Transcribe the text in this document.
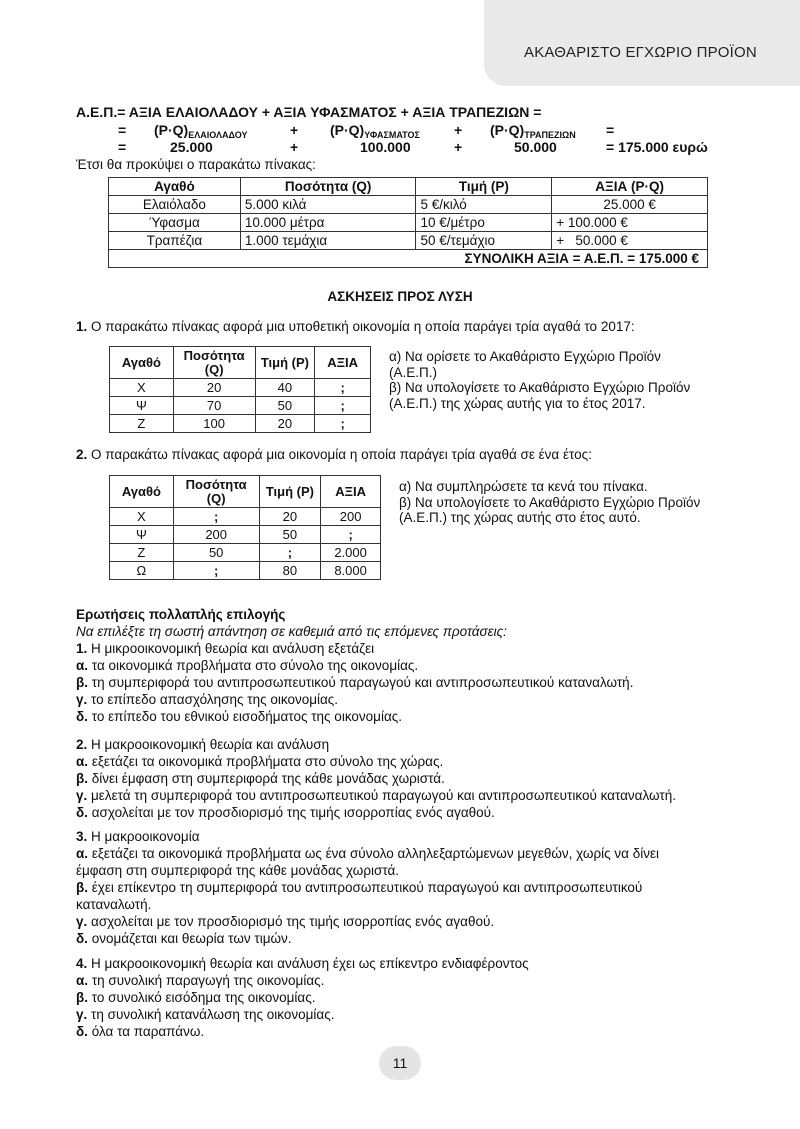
ΑΚΑΘΑΡΙΣΤΟ ΕΓΧΩΡΙΟ ΠΡΟΪΟΝ
Α.Ε.Π.= ΑΞΙΑ ΕΛΑΙΟΛΑΔΟΥ + ΑΞΙΑ ΥΦΑΣΜΑΤΟΣ + ΑΞΙΑ ΤΡΑΠΕΖΙΩΝ =
= $(P\cdot Q)_{E\Lambda AIO\Lambda A\Delta O\Upsilon}$	+ $(P\cdot Q)_{\Upsilon\Phi A\Sigma MATO\Sigma} + (P\cdot Q)_{TPA\Pi EZI\Omega N}$ =
=	25.000	+	100.000	+	50.000	= 175.000 ευρώ
Έτσι θα προκύψει ο παρακάτω πίνακας:
Αγαθό	Ποσότητα (Q)	Τιμή (P)	ΑΞΙΑ (P·Q)
Ελαιόλαδο	5.000 κιλά	5 €/κιλό	25.000 €
Ύφασμα	10.000 μέτρα	10 €/μέτρο	+ 100.000 €
Τραπέζια	1.000 τεμάχια	50 €/τεμάχιο	+   50.000 €
ΣΥΝΟΛΙΚΗ ΑΞΙΑ = Α.Ε.Π. = 175.000 €			
ΑΣΚΗΣΕΙΣ ΠΡΟΣ ΛΥΣΗ
1. Ο παρακάτω πίνακας αφορά μια υποθετική οικονομία η οποία παράγει τρία αγαθά το 2017:
Αγαθό	Ποσότητα (Q)	Τιμή (P)	ΑΞΙΑ
Χ	20	40	;
Ψ	70	50	;
Ζ	100	20	;
α) Να ορίσετε το Ακαθάριστο Εγχώριο Προϊόν
(Α.Ε.Π.)
β) Να υπολογίσετε το Ακαθάριστο Εγχώριο Προϊόν
(Α.Ε.Π.) της χώρας αυτής για το έτος 2017.
2. Ο παρακάτω πίνακας αφορά μια οικονομία η οποία παράγει τρία αγαθά σε ένα έτος:
Αγαθό	Ποσότητα (Q)	Τιμή (P)	ΑΞΙΑ
Χ	;	20	200
Ψ	200	50	;
Ζ	50	;	2.000
Ω	;	80	8.000
α) Να συμπληρώσετε τα κενά του πίνακα.
β) Να υπολογίσετε το Ακαθάριστο Εγχώριο Προϊόν
(Α.Ε.Π.) της χώρας αυτής στο έτος αυτό.
Ερωτήσεις πολλαπλής επιλογής
Να επιλέξτε τη σωστή απάντηση σε καθεμιά από τις επόμενες προτάσεις:
1. Η μικροοικονομική θεωρία και ανάλυση εξετάζει
α. τα οικονομικά προβλήματα στο σύνολο της οικονομίας.
β. τη συμπεριφορά του αντιπροσωπευτικού παραγωγού και αντιπροσωπευτικού καταναλωτή.
γ. το επίπεδο απασχόλησης της οικονομίας.
δ. το επίπεδο του εθνικού εισοδήματος της οικονομίας.
2. Η μακροοικονομική θεωρία και ανάλυση
α. εξετάζει τα οικονομικά προβλήματα στο σύνολο της χώρας.
β. δίνει έμφαση στη συμπεριφορά της κάθε μονάδας χωριστά.
γ. μελετά τη συμπεριφορά του αντιπροσωπευτικού παραγωγού και αντιπροσωπευτικού καταναλωτή.
δ. ασχολείται με τον προσδιορισμό της τιμής ισορροπίας ενός αγαθού.
3. Η μακροοικονομία
α. εξετάζει τα οικονομικά προβλήματα ως ένα σύνολο αλληλεξαρτώμενων μεγεθών, χωρίς να δίνει
έμφαση στη συμπεριφορά της κάθε μονάδας χωριστά.
β. έχει επίκεντρο τη συμπεριφορά του αντιπροσωπευτικού παραγωγού και αντιπροσωπευτικού
καταναλωτή.
γ. ασχολείται με τον προσδιορισμό της τιμής ισορροπίας ενός αγαθού.
δ. ονομάζεται και θεωρία των τιμών.
4. Η μακροοικονομική θεωρία και ανάλυση έχει ως επίκεντρο ενδιαφέροντος
α. τη συνολική παραγωγή της οικονομίας.
β. το συνολικό εισόδημα της οικονομίας.
γ. τη συνολική κατανάλωση της οικονομίας.
δ. όλα τα παραπάνω.
11
